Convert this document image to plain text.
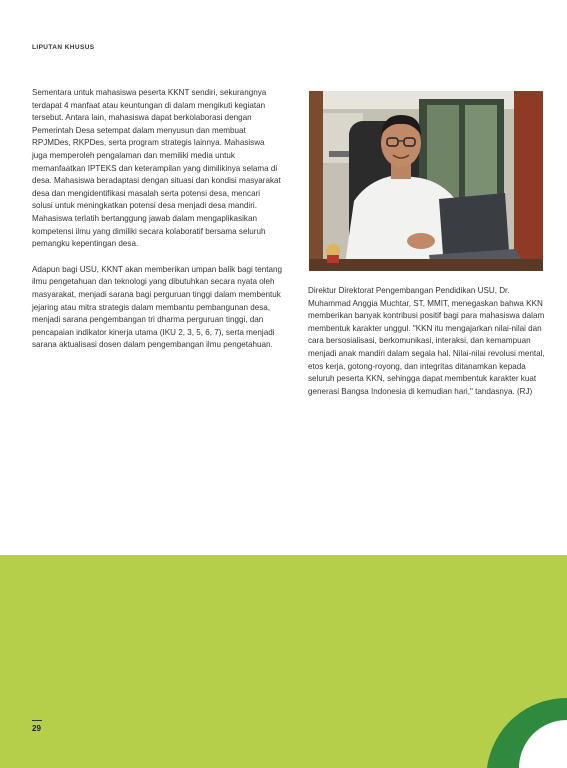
LIPUTAN KHUSUS

Sementara untuk mahasiswa peserta KKNT sendiri, sekurangnya terdapat 4 manfaat atau keuntungan di dalam mengikuti kegiatan tersebut. Antara lain, mahasiswa dapat berkolaborasi dengan Pemerintah Desa setempat dalam menyusun dan membuat RPJMDes, RKPDes, serta program strategis lainnya. Mahasiswa juga memperoleh pengalaman dan memiliki media untuk memanfaatkan IPTEKS dan keterampilan yang dimilikinya selama di desa. Mahasiswa beradaptasi dengan situasi dan kondisi masyarakat desa dan mengidentifikasi masalah serta potensi desa, mencari solusi untuk meningkatkan potensi desa menjadi desa mandiri. Mahasiswa terlatih bertanggung jawab dalam mengaplikasikan kompetensi ilmu yang dimiliki secara kolaboratif bersama seluruh pemangku kepentingan desa.

Adapun bagi USU, KKNT akan memberikan umpan balik bagi tentang ilmu pengetahuan dan teknologi yang dibutuhkan secara nyata oleh masyarakat, menjadi sarana bagi perguruan tinggi dalam membentuk jejaring atau mitra strategis dalam membantu pembangunan desa, menjadi sarana pengembangan tri dharma perguruan tinggi, dan pencapaian indikator kinerja utama (IKU 2, 3, 5, 6, 7), serta menjadi sarana aktualisasi dosen dalam pengembangan ilmu pengetahuan.

Direktur Direktorat Pengembangan Pendidikan USU, Dr. Muhammad Anggia Muchtar, ST, MMIT, menegaskan bahwa KKN memberikan banyak kontribusi positif bagi para mahasiswa dalam membentuk karakter unggul. "KKN itu mengajarkan nilai-nilai dan cara bersosialisasi, berkomunikasi, interaksi, dan kemampuan menjadi anak mandiri dalam segala hal. Nilai-nilai revolusi mental, etos kerja, gotong-royong, dan integritas ditanamkan kepada seluruh peserta KKN, sehingga dapat membentuk karakter kuat generasi Bangsa Indonesia di kemudian hari," tandasnya. (RJ)

29
